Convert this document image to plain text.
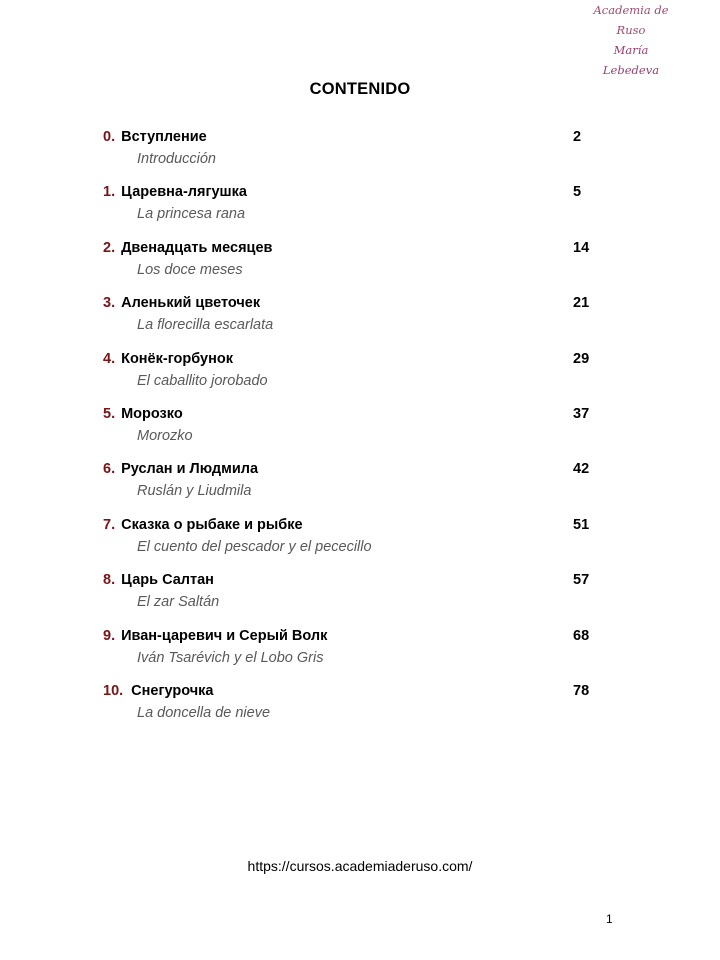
Academia de Ruso
María Lebedeva
CONTENIDO
0. Вступление	2
Introducción
1. Царевна-лягушка	5
La princesa rana
2. Двенадцать месяцев	14
Los doce meses
3. Аленький цветочек	21
La florecilla escarlata
4. Конёк-горбунок	29
El caballito jorobado
5. Морозко	37
Morozko
6. Руслан и Людмила	42
Ruslán y Liudmila
7. Сказка о рыбаке и рыбке	51
El cuento del pescador y el pececillo
8. Царь Салтан	57
El zar Saltán
9. Иван-царевич и Серый Волк	68
Iván Tsarévich y el Lobo Gris
10. Снегурочка	78
La doncella de nieve
https://cursos.academiaderuso.com/
1
